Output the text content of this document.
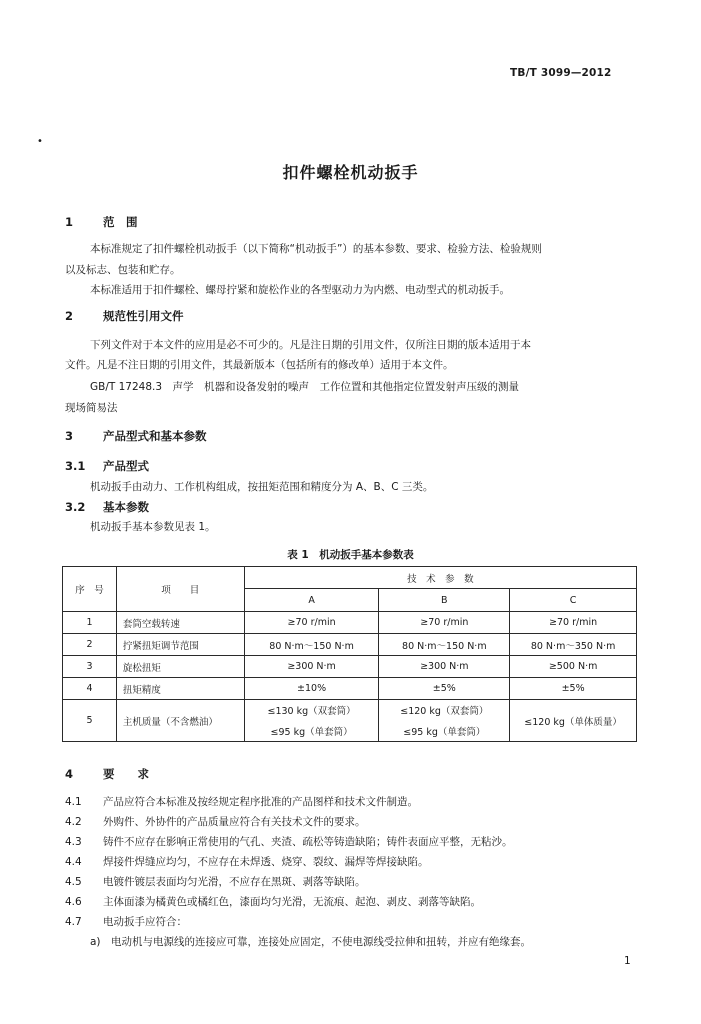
TB/T 3099—2012
•
扣件螺栓机动扳手
1	范　围
本标准规定了扣件螺栓机动扳手（以下简称“机动扳手”）的基本参数、要求、检验方法、检验规则
以及标志、包装和贮存。
本标准适用于扣件螺栓、螺母拧紧和旋松作业的各型驱动力为内燃、电动型式的机动扳手。
2	规范性引用文件
下列文件对于本文件的应用是必不可少的。凡是注日期的引用文件，仅所注日期的版本适用于本
文件。凡是不注日期的引用文件，其最新版本（包括所有的修改单）适用于本文件。
GB/T 17248.3　声学　机器和设备发射的噪声　工作位置和其他指定位置发射声压级的测量
现场简易法
3	产品型式和基本参数
3.1 产品型式
机动扳手由动力、工作机构组成，按扭矩范围和精度分为 A、B、C 三类。
3.2 基本参数
机动扳手基本参数见表 1。
表 1　机动扳手基本参数表
序　号	项　　目	技　术　参　数		
		A	B	C
1	套筒空载转速	≥70 r/min	≥70 r/min	≥70 r/min
2	拧紧扭矩调节范围	80 N·m～150 N·m	80 N·m～150 N·m	80 N·m～350 N·m
3	旋松扭矩	≥300 N·m	≥300 N·m	≥500 N·m
4	扭矩精度	±10%	±5%	±5%
5	主机质量（不含燃油）	≤130 kg（双套筒）	≤120 kg（双套筒）	≤120 kg（单体质量）
		≤95 kg（单套筒）	≤95 kg（单套筒）	
4	要　　求
4.1 产品应符合本标准及按经规定程序批准的产品图样和技术文件制造。
4.2 外购件、外协件的产品质量应符合有关技术文件的要求。
4.3 铸件不应存在影响正常使用的气孔、夹渣、疏松等铸造缺陷；铸件表面应平整，无粘沙。
4.4 焊接件焊缝应均匀，不应存在未焊透、烧穿、裂纹、漏焊等焊接缺陷。
4.5 电镀件镀层表面均匀光滑，不应存在黑斑、剥落等缺陷。
4.6 主体面漆为橘黄色或橘红色，漆面均匀光滑，无流痕、起泡、剥皮、剥落等缺陷。
4.7 电动扳手应符合：
a)　电动机与电源线的连接应可靠，连接处应固定，不使电源线受拉伸和扭转，并应有绝缘套。
1
